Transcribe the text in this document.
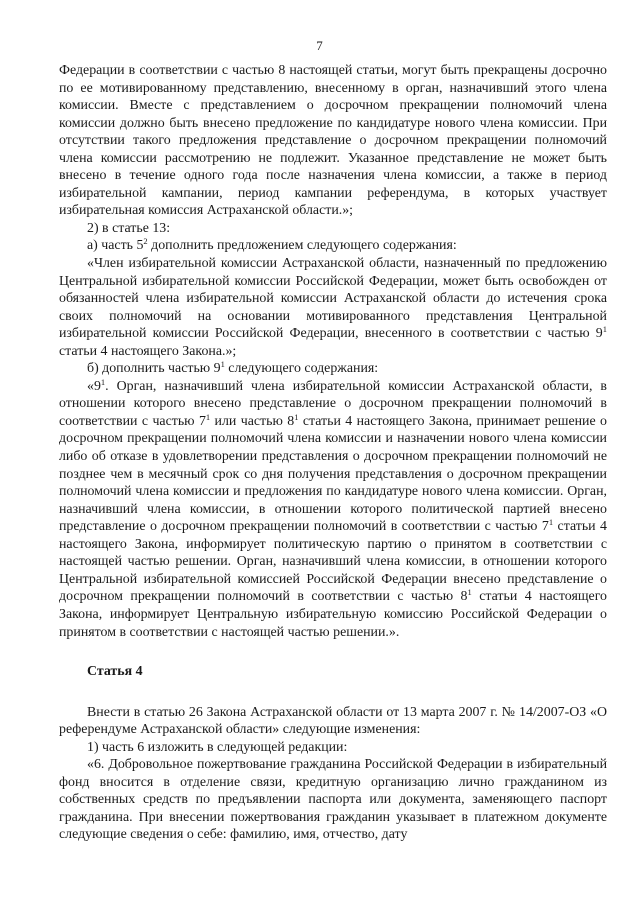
7

Федерации в соответствии с частью 8 настоящей статьи, могут быть прекращены досрочно по ее мотивированному представлению, внесенному в орган, назначивший этого члена комиссии. Вместе с представлением о досрочном прекращении полномочий члена комиссии должно быть внесено предложение по кандидатуре нового члена комиссии. При отсутствии такого предложения представление о досрочном прекращении полномочий члена комиссии рассмотрению не подлежит. Указанное представление не может быть внесено в течение одного года после назначения члена комиссии, а также в период избирательной кампании, период кампании референдума, в которых участвует избирательная комиссия Астраханской области.»;

2) в статье 13:

а) часть $5^2$ дополнить предложением следующего содержания:

«Член избирательной комиссии Астраханской области, назначенный по предложению Центральной избирательной комиссии Российской Федерации, может быть освобожден от обязанностей члена избирательной комиссии Астраханской области до истечения срока своих полномочий на основании мотивированного представления Центральной избирательной комиссии Российской Федерации, внесенного в соответствии с частью $9^1$ статьи 4 настоящего Закона.»;

б) дополнить частью $9^1$ следующего содержания:

«$9^1$. Орган, назначивший члена избирательной комиссии Астраханской области, в отношении которого внесено представление о досрочном прекращении полномочий в соответствии с частью $7^1$ или частью $8^1$ статьи 4 настоящего Закона, принимает решение о досрочном прекращении полномочий члена комиссии и назначении нового члена комиссии либо об отказе в удовлетворении представления о досрочном прекращении полномочий не позднее чем в месячный срок со дня получения представления о досрочном прекращении полномочий члена комиссии и предложения по кандидатуре нового члена комиссии. Орган, назначивший члена комиссии, в отношении которого политической партией внесено представление о досрочном прекращении полномочий в соответствии с частью $7^1$ статьи 4 настоящего Закона, информирует политическую партию о принятом в соответствии с настоящей частью решении. Орган, назначивший члена комиссии, в отношении которого Центральной избирательной комиссией Российской Федерации внесено представление о досрочном прекращении полномочий в соответствии с частью $8^1$ статьи 4 настоящего Закона, информирует Центральную избирательную комиссию Российской Федерации о принятом в соответствии с настоящей частью решении.».

Статья 4

Внести в статью 26 Закона Астраханской области от 13 марта 2007 г. № 14/2007-ОЗ «О референдуме Астраханской области» следующие изменения:

1) часть 6 изложить в следующей редакции:

«6. Добровольное пожертвование гражданина Российской Федерации в избирательный фонд вносится в отделение связи, кредитную организацию лично гражданином из собственных средств по предъявлении паспорта или документа, заменяющего паспорт гражданина. При внесении пожертвования гражданин указывает в платежном документе следующие сведения о себе: фамилию, имя, отчество, дату
